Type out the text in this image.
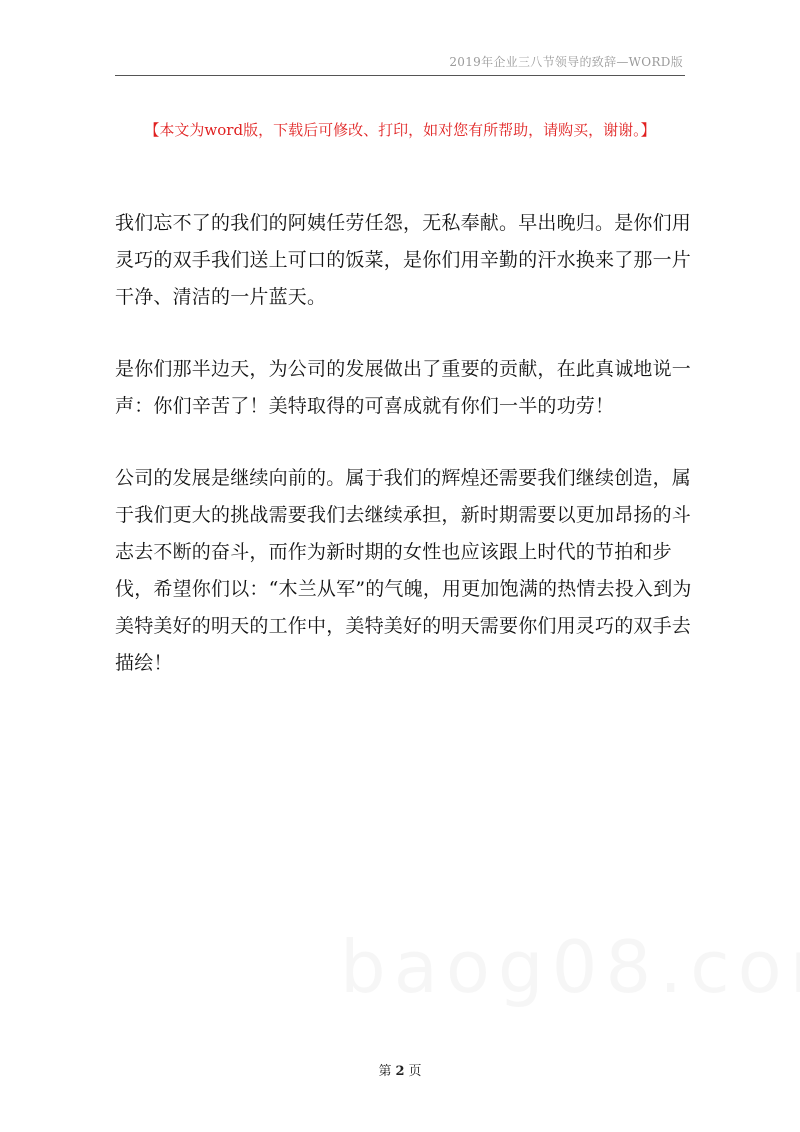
2019年企业三八节领导的致辞—WORD版
【本文为word版，下载后可修改、打印，如对您有所帮助，请购买，谢谢。】

我们忘不了的我们的阿姨任劳任怨，无私奉献。早出晚归。是你们用
灵巧的双手我们送上可口的饭菜，是你们用辛勤的汗水换来了那一片
干净、清洁的一片蓝天。

是你们那半边天，为公司的发展做出了重要的贡献，在此真诚地说一
声：你们辛苦了！美特取得的可喜成就有你们一半的功劳！

公司的发展是继续向前的。属于我们的辉煌还需要我们继续创造，属
于我们更大的挑战需要我们去继续承担，新时期需要以更加昂扬的斗
志去不断的奋斗，而作为新时期的女性也应该跟上时代的节拍和步
伐，希望你们以：“木兰从军”的气魄，用更加饱满的热情去投入到为
美特美好的明天的工作中，美特美好的明天需要你们用灵巧的双手去
描绘！

第 2 页
